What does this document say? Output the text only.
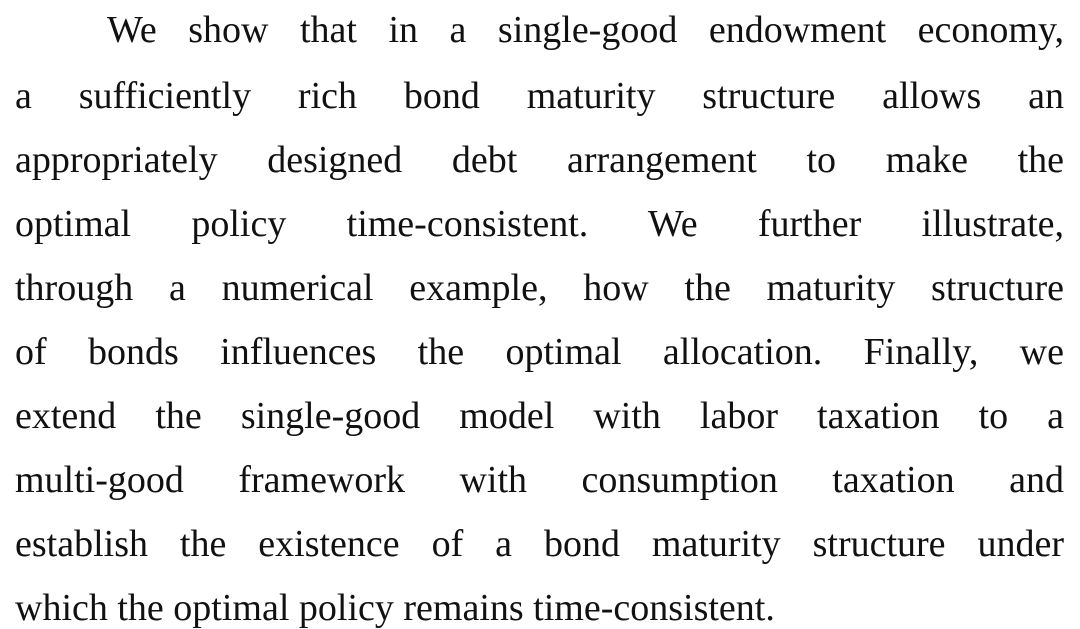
We show that in a single-good endowment economy,
a sufficiently rich bond maturity structure allows an
appropriately designed debt arrangement to make the
optimal policy time-consistent. We further illustrate,
through a numerical example, how the maturity structure
of bonds influences the optimal allocation. Finally, we
extend the single-good model with labor taxation to a
multi-good framework with consumption taxation and
establish the existence of a bond maturity structure under
which the optimal policy remains time-consistent.
